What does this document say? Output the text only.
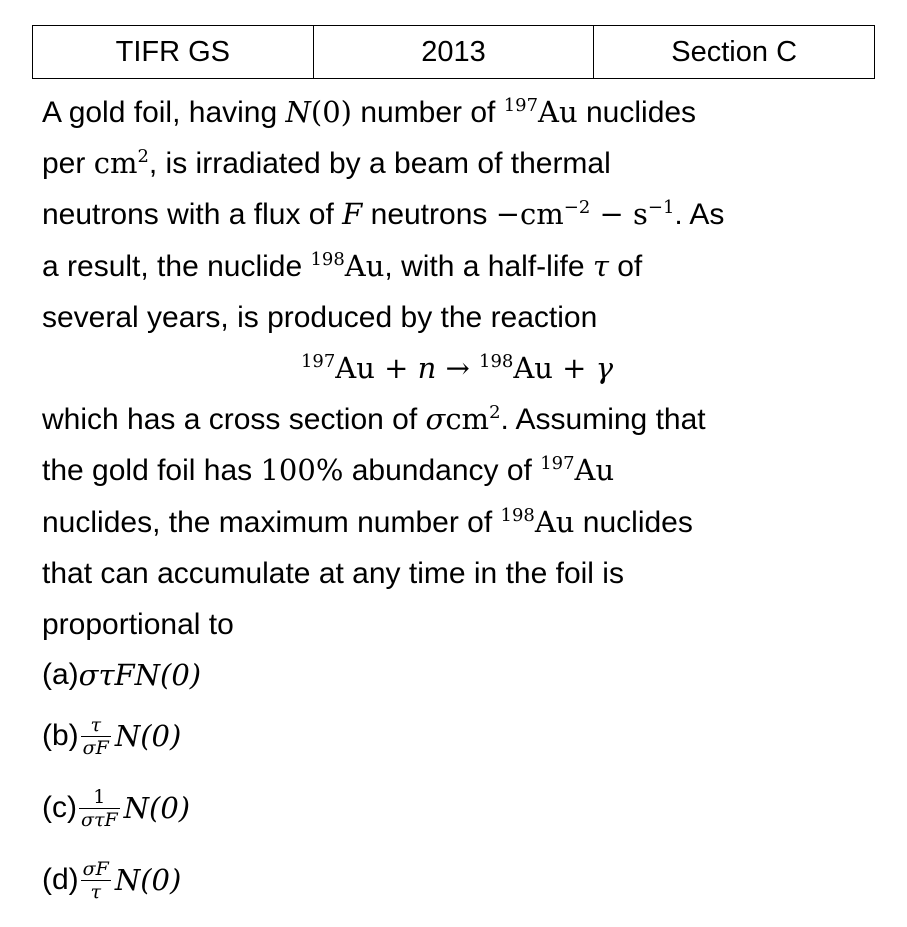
TIFR GS	2013	Section C
A gold foil, having N(0) number of $^{197}$Au nuclides
per $cm^2$, is irradiated by a beam of thermal
neutrons with a flux of F neutrons $-cm^{-2} - s^{-1}$. As
a result, the nuclide $^{198}$Au, with a half-life τ of
several years, is produced by the reaction
$^{197}$Au + n → $^{198}$Au + γ
which has a cross section of σcm$^2$. Assuming that
the gold foil has 100% abundancy of $^{197}$Au
nuclides, the maximum number of $^{198}$Au nuclides
that can accumulate at any time in the foil is
proportional to
(a) στFN(0)
$(b) \frac{\tau}{\sigma F} N(0)$
$(c) \frac{1}{\text{στF}} N(0)$
$(d) \frac{\sigma F}{\tau} N(0)$
